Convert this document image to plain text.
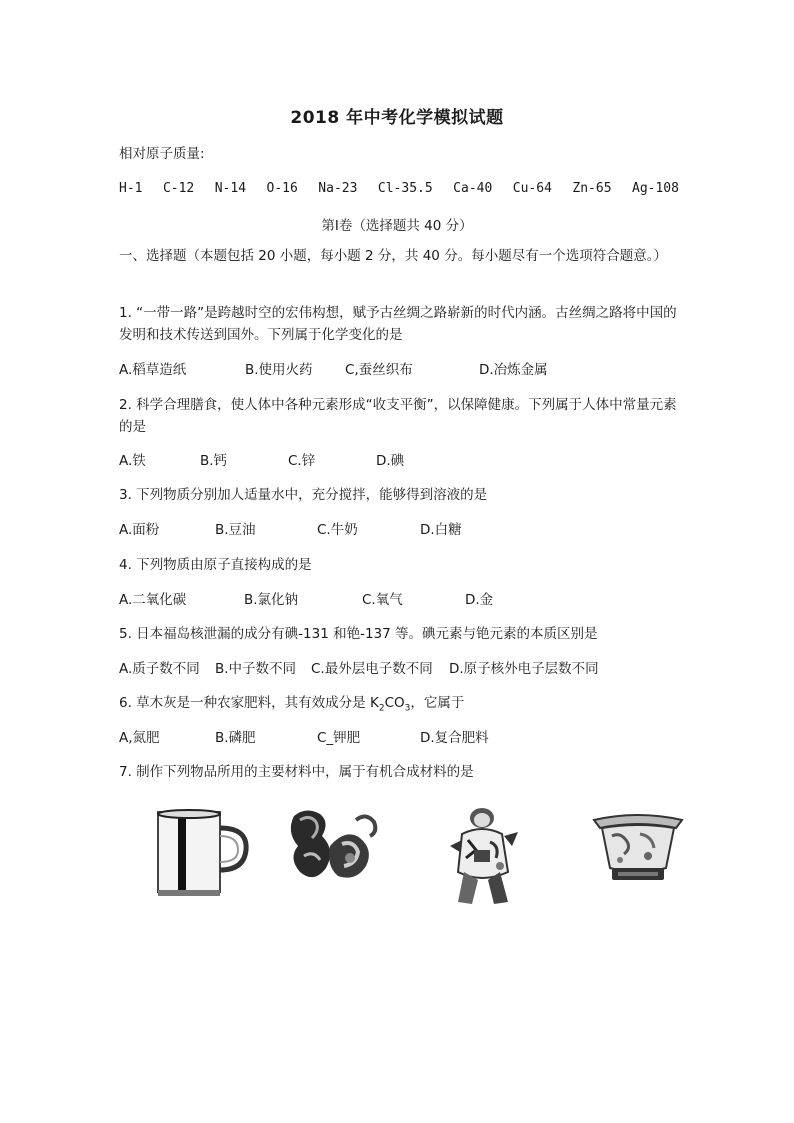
2018 年中考化学模拟试题
相对原子质量:
H-1 C-12 N-14 O-16 Na-23 Cl-35.5 Ca-40 Cu-64 Zn-65 Ag-108
第Ⅰ卷（选择题共 40 分）
一、选择题（本题包括 20 小题，每小题 2 分，共 40 分。每小题尽有一个选项符合题意。）
1. “一带一路”是跨越时空的宏伟构想，赋予古丝绸之路崭新的时代内涵。古丝绸之路将中国的发明和技术传送到国外。下列属于化学变化的是
A.稻草造纸	B.使用火药 C,蚕丝织布	D.冶炼金属
2. 科学合理膳食，使人体中各种元素形成“收支平衡”，以保障健康。下列属于人体中常量元素的是
A.铁	B.钙	C.锌	D.碘
3. 下列物质分别加人适量水中，充分搅拌，能够得到溶液的是
A.面粉	B.豆油	C.牛奶	D.白糖
4. 下列物质由原子直接构成的是
A.二氧化碳	B.氯化钠	C.氧气	D.金
5. 日本福岛核泄漏的成分有碘-131 和铯-137 等。碘元素与铯元素的本质区别是
A.质子数不同 B.中子数不同 C.最外层电子数不同 D.原子核外电子层数不同
6. 草木灰是一种农家肥料，其有效成分是 $K_2CO_3$，它属于
A,氮肥	B.磷肥	C_钾肥	D.复合肥料
7. 制作下列物品所用的主要材料中，属于有机合成材料的是
